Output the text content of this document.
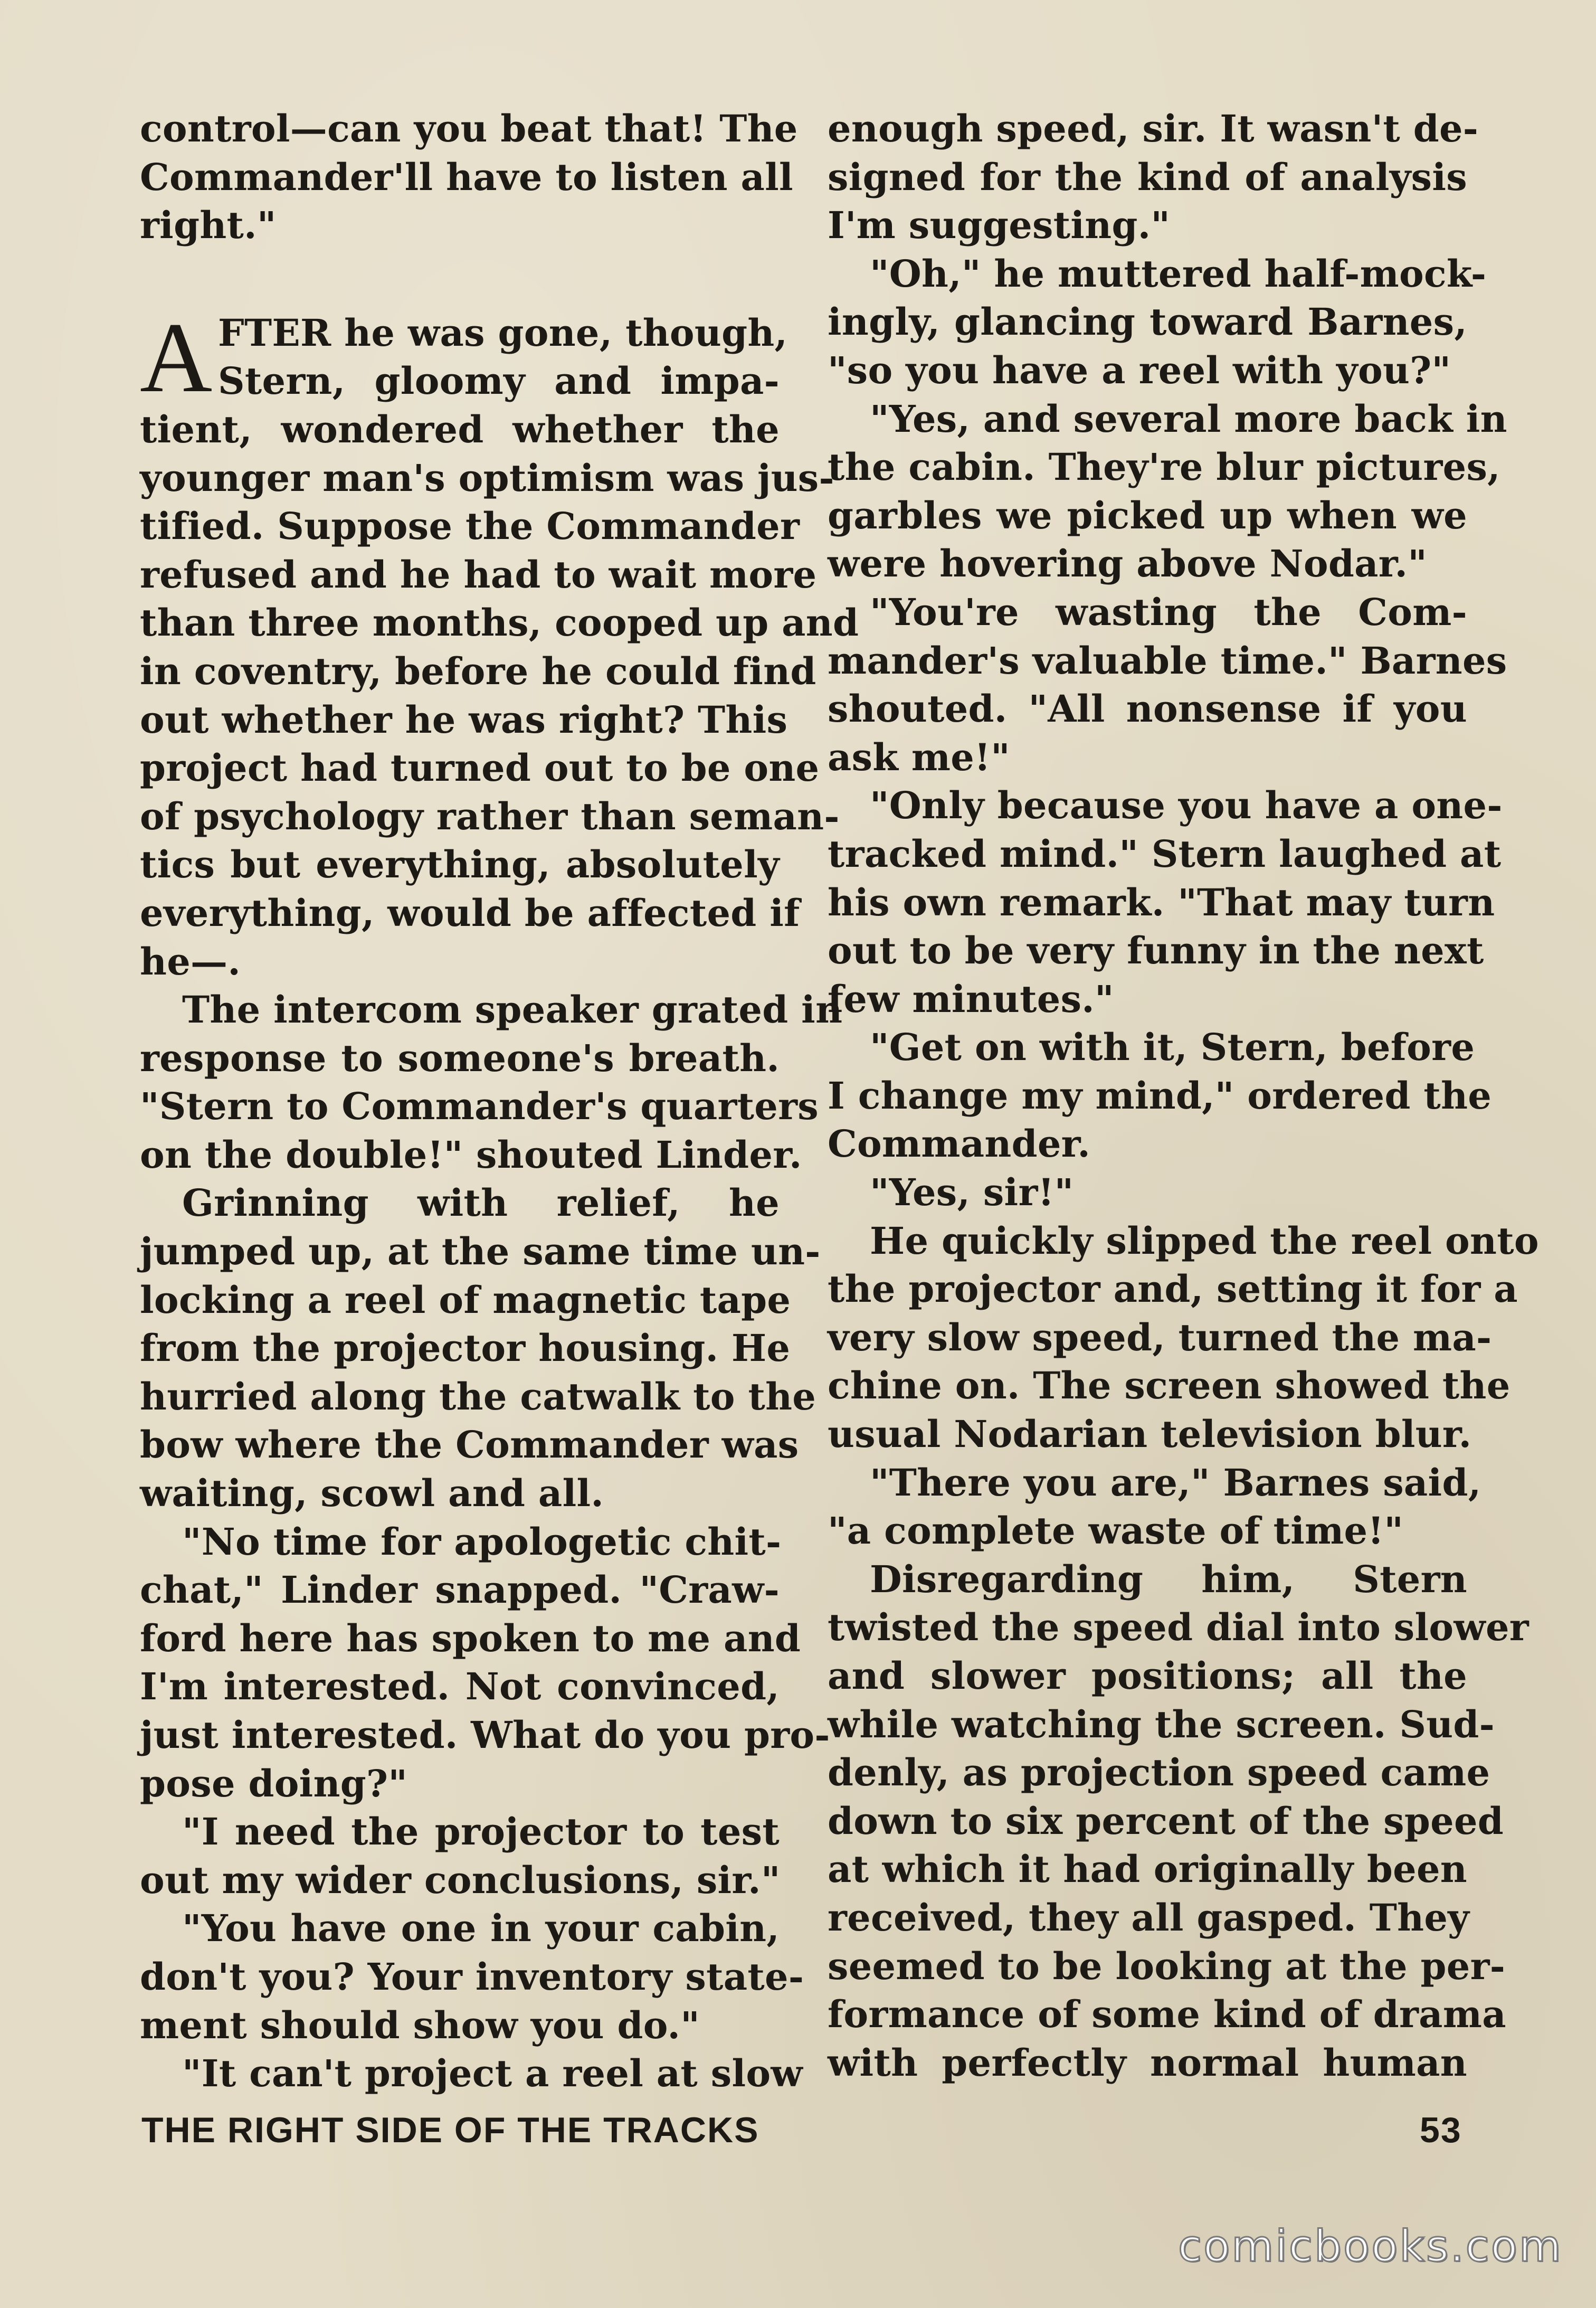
control—can you beat that! The
Commander'll have to listen all
right."
A FTER he was gone, though,
Stern, gloomy and impa-
tient, wondered whether the
younger man's optimism was jus-
tified. Suppose the Commander
refused and he had to wait more
than three months, cooped up and
in coventry, before he could find
out whether he was right? This
project had turned out to be one
of psychology rather than seman-
tics but everything, absolutely
everything, would be affected if
he—.
The intercom speaker grated in
response to someone's breath.
"Stern to Commander's quarters
on the double!" shouted Linder.
Grinning with relief, he
jumped up, at the same time un-
locking a reel of magnetic tape
from the projector housing. He
hurried along the catwalk to the
bow where the Commander was
waiting, scowl and all.
"No time for apologetic chit-
chat," Linder snapped. "Craw-
ford here has spoken to me and
I'm interested. Not convinced,
just interested. What do you pro-
pose doing?"
"I need the projector to test
out my wider conclusions, sir."
"You have one in your cabin,
don't you? Your inventory state-
ment should show you do."
"It can't project a reel at slow
enough speed, sir. It wasn't de-
signed for the kind of analysis
I'm suggesting."
"Oh," he muttered half-mock-
ingly, glancing toward Barnes,
"so you have a reel with you?"
"Yes, and several more back in
the cabin. They're blur pictures,
garbles we picked up when we
were hovering above Nodar."
"You're wasting the Com-
mander's valuable time." Barnes
shouted. "All nonsense if you
ask me!"
"Only because you have a one-
tracked mind." Stern laughed at
his own remark. "That may turn
out to be very funny in the next
few minutes."
"Get on with it, Stern, before
I change my mind," ordered the
Commander.
"Yes, sir!"
He quickly slipped the reel onto
the projector and, setting it for a
very slow speed, turned the ma-
chine on. The screen showed the
usual Nodarian television blur.
"There you are," Barnes said,
"a complete waste of time!"
Disregarding him, Stern
twisted the speed dial into slower
and slower positions; all the
while watching the screen. Sud-
denly, as projection speed came
down to six percent of the speed
at which it had originally been
received, they all gasped. They
seemed to be looking at the per-
formance of some kind of drama
with perfectly normal human
THE RIGHT SIDE OF THE TRACKS	53
comicbooks.com
